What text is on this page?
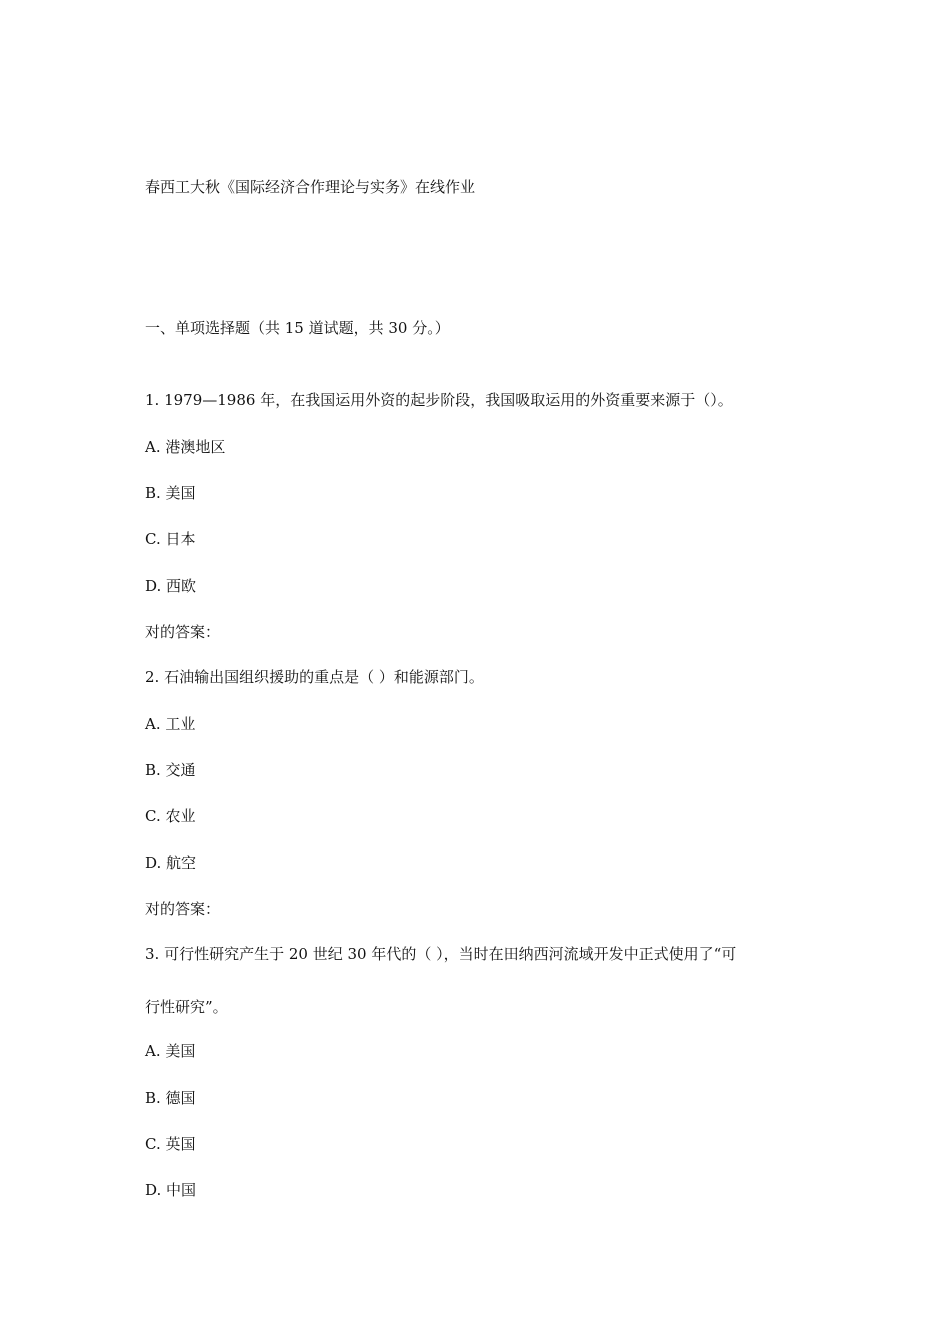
春西工大秋《国际经济合作理论与实务》在线作业
一、单项选择题（共 15 道试题，共 30 分。）
1. 1979—1986 年，在我国运用外资的起步阶段，我国吸取运用的外资重要来源于（）。
A. 港澳地区
B. 美国
C. 日本
D. 西欧
对的答案：
2. 石油输出国组织援助的重点是（ ）和能源部门。
A. 工业
B. 交通
C. 农业
D. 航空
对的答案：
3. 可行性研究产生于 20 世纪 30 年代的（ ），当时在田纳西河流域开发中正式使用了“可
行性研究”。
A. 美国
B. 德国
C. 英国
D. 中国
